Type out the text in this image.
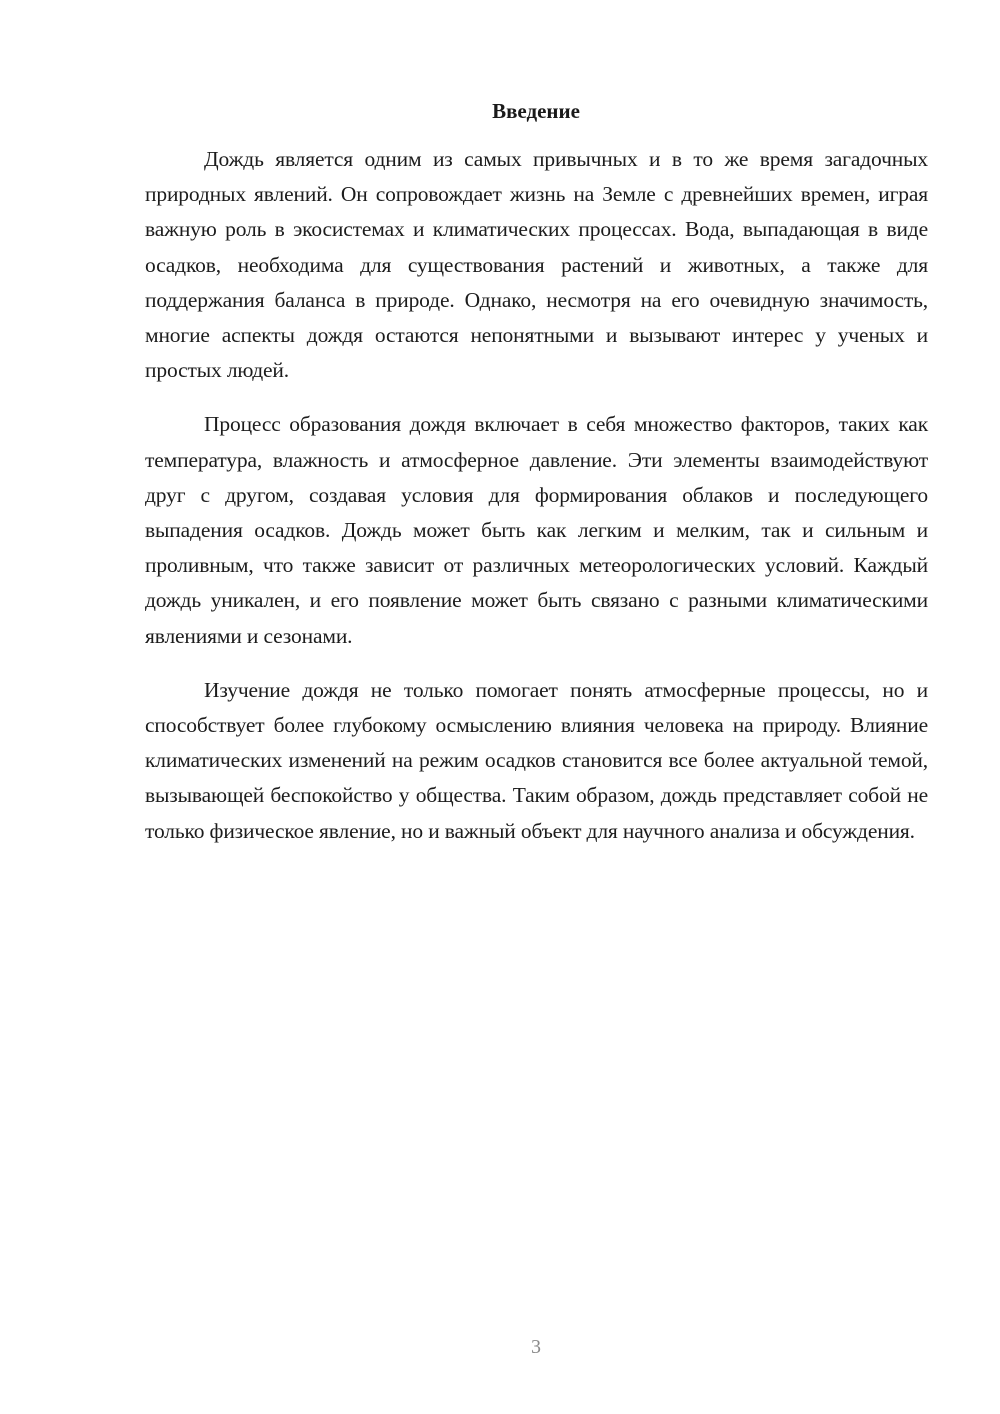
Введение

Дождь является одним из самых привычных и в то же время загадочных природных явлений. Он сопровождает жизнь на Земле с древнейших времен, играя важную роль в экосистемах и климатических процессах. Вода, выпадающая в виде осадков, необходима для существования растений и животных, а также для поддержания баланса в природе. Однако, несмотря на его очевидную значимость, многие аспекты дождя остаются непонятными и вызывают интерес у ученых и простых людей.

Процесс образования дождя включает в себя множество факторов, таких как температура, влажность и атмосферное давление. Эти элементы взаимодействуют друг с другом, создавая условия для формирования облаков и последующего выпадения осадков. Дождь может быть как легким и мелким, так и сильным и проливным, что также зависит от различных метеорологических условий. Каждый дождь уникален, и его появление может быть связано с разными климатическими явлениями и сезонами.

Изучение дождя не только помогает понять атмосферные процессы, но и способствует более глубокому осмыслению влияния человека на природу. Влияние климатических изменений на режим осадков становится все более актуальной темой, вызывающей беспокойство у общества. Таким образом, дождь представляет собой не только физическое явление, но и важный объект для научного анализа и обсуждения.

3
